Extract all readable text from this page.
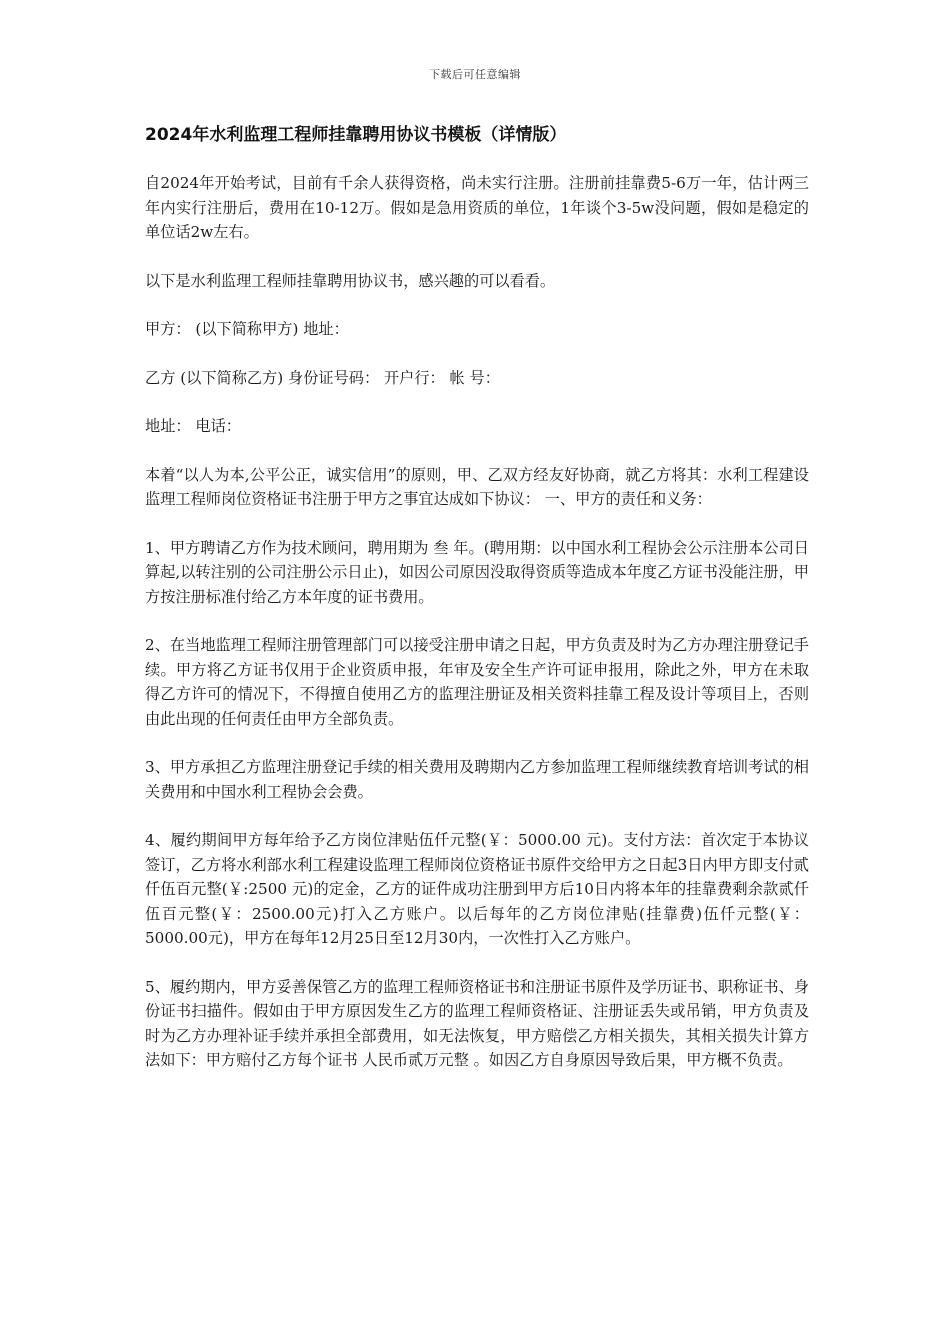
下载后可任意编辑
2024年水利监理工程师挂靠聘用协议书模板（详情版）

自2024年开始考试，目前有千余人获得资格，尚未实行注册。注册前挂靠费5-6万一年，估计两三年内实行注册后，费用在10-12万。假如是急用资质的单位，1年谈个3-5w没问题，假如是稳定的单位话2w左右。

以下是水利监理工程师挂靠聘用协议书，感兴趣的可以看看。

甲方： (以下简称甲方) 地址：

乙方 (以下简称乙方) 身份证号码： 开户行： 帐 号：

地址： 电话：

本着“以人为本,公平公正，诚实信用”的原则，甲、乙双方经友好协商，就乙方将其：水利工程建设监理工程师岗位资格证书注册于甲方之事宜达成如下协议： 一、甲方的责任和义务：

1、甲方聘请乙方作为技术顾问，聘用期为 叁 年。(聘用期：以中国水利工程协会公示注册本公司日算起,以转注别的公司注册公示日止)，如因公司原因没取得资质等造成本年度乙方证书没能注册，甲方按注册标准付给乙方本年度的证书费用。

2、在当地监理工程师注册管理部门可以接受注册申请之日起，甲方负责及时为乙方办理注册登记手续。甲方将乙方证书仅用于企业资质申报，年审及安全生产许可证申报用，除此之外，甲方在未取得乙方许可的情况下，不得擅自使用乙方的监理注册证及相关资料挂靠工程及设计等项目上，否则由此出现的任何责任由甲方全部负责。

3、甲方承担乙方监理注册登记手续的相关费用及聘期内乙方参加监理工程师继续教育培训考试的相关费用和中国水利工程协会会费。

4、履约期间甲方每年给予乙方岗位津贴伍仟元整(￥：5000.00 元)。支付方法：首次定于本协议签订，乙方将水利部水利工程建设监理工程师岗位资格证书原件交给甲方之日起3日内甲方即支付贰仟伍百元整(￥:2500 元)的定金，乙方的证件成功注册到甲方后10日内将本年的挂靠费剩余款贰仟伍百元整(￥：2500.00元)打入乙方账户。以后每年的乙方岗位津贴(挂靠费)伍仟元整(￥：5000.00元)，甲方在每年12月25日至12月30内，一次性打入乙方账户。

5、履约期内，甲方妥善保管乙方的监理工程师资格证书和注册证书原件及学历证书、职称证书、身份证书扫描件。假如由于甲方原因发生乙方的监理工程师资格证、注册证丢失或吊销，甲方负责及时为乙方办理补证手续并承担全部费用，如无法恢复，甲方赔偿乙方相关损失，其相关损失计算方法如下：甲方赔付乙方每个证书 人民币贰万元整 。如因乙方自身原因导致后果，甲方概不负责。
